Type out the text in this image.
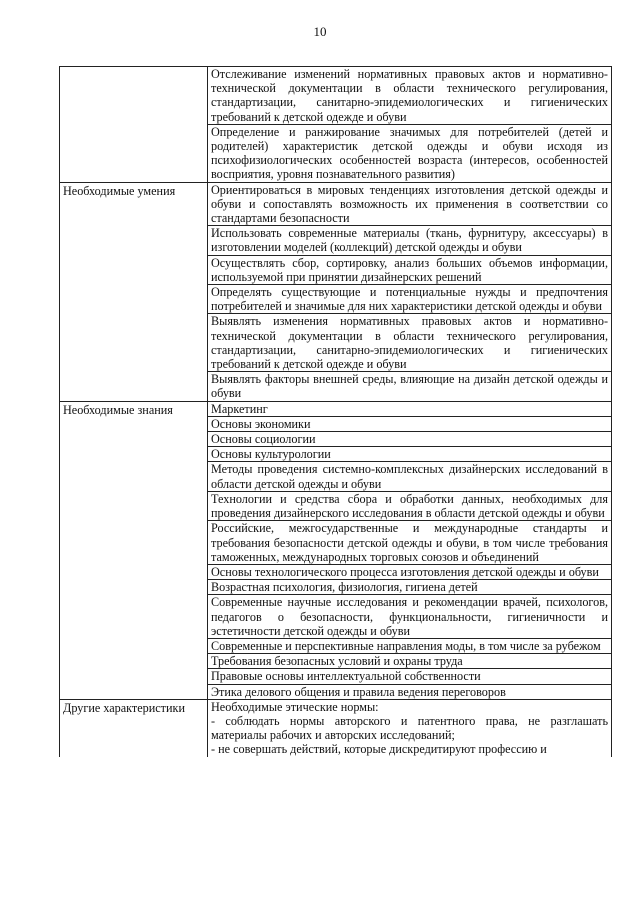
10
	Отслеживание изменений нормативных правовых актов и нормативно-технической документации в области технического регулирования, стандартизации, санитарно-эпидемиологических и гигиенических требований к детской одежде и обуви
	Определение и ранжирование значимых для потребителей (детей и родителей) характеристик детской одежды и обуви исходя из психофизиологических особенностей возраста (интересов, особенностей восприятия, уровня познавательного развития)
Необходимые умения	Ориентироваться в мировых тенденциях изготовления детской одежды и обуви и сопоставлять возможность их применения в соответствии со стандартами безопасности
	Использовать современные материалы (ткань, фурнитуру, аксессуары) в изготовлении моделей (коллекций) детской одежды и обуви
	Осуществлять сбор, сортировку, анализ больших объемов информации, используемой при принятии дизайнерских решений
	Определять существующие и потенциальные нужды и предпочтения потребителей и значимые для них характеристики детской одежды и обуви
	Выявлять изменения нормативных правовых актов и нормативно-технической документации в области технического регулирования, стандартизации, санитарно-эпидемиологических и гигиенических требований к детской одежде и обуви
	Выявлять факторы внешней среды, влияющие на дизайн детской одежды и обуви
Необходимые знания	Маркетинг
	Основы экономики
	Основы социологии
	Основы культурологии
	Методы проведения системно-комплексных дизайнерских исследований в области детской одежды и обуви
	Технологии и средства сбора и обработки данных, необходимых для проведения дизайнерского исследования в области детской одежды и обуви
	Российские, межгосударственные и международные стандарты и требования безопасности детской одежды и обуви, в том числе требования таможенных, международных торговых союзов и объединений
	Основы технологического процесса изготовления детской одежды и обуви
	Возрастная психология, физиология, гигиена детей
	Современные научные исследования и рекомендации врачей, психологов, педагогов о безопасности, функциональности, гигиеничности и эстетичности детской одежды и обуви
	Современные и перспективные направления моды, в том числе за рубежом
	Требования безопасных условий и охраны труда
	Правовые основы интеллектуальной собственности
	Этика делового общения и правила ведения переговоров
Другие характеристики	Необходимые этические нормы:
- соблюдать нормы авторского и патентного права, не разглашать материалы рабочих и авторских исследований;
- не совершать действий, которые дискредитируют профессию и
